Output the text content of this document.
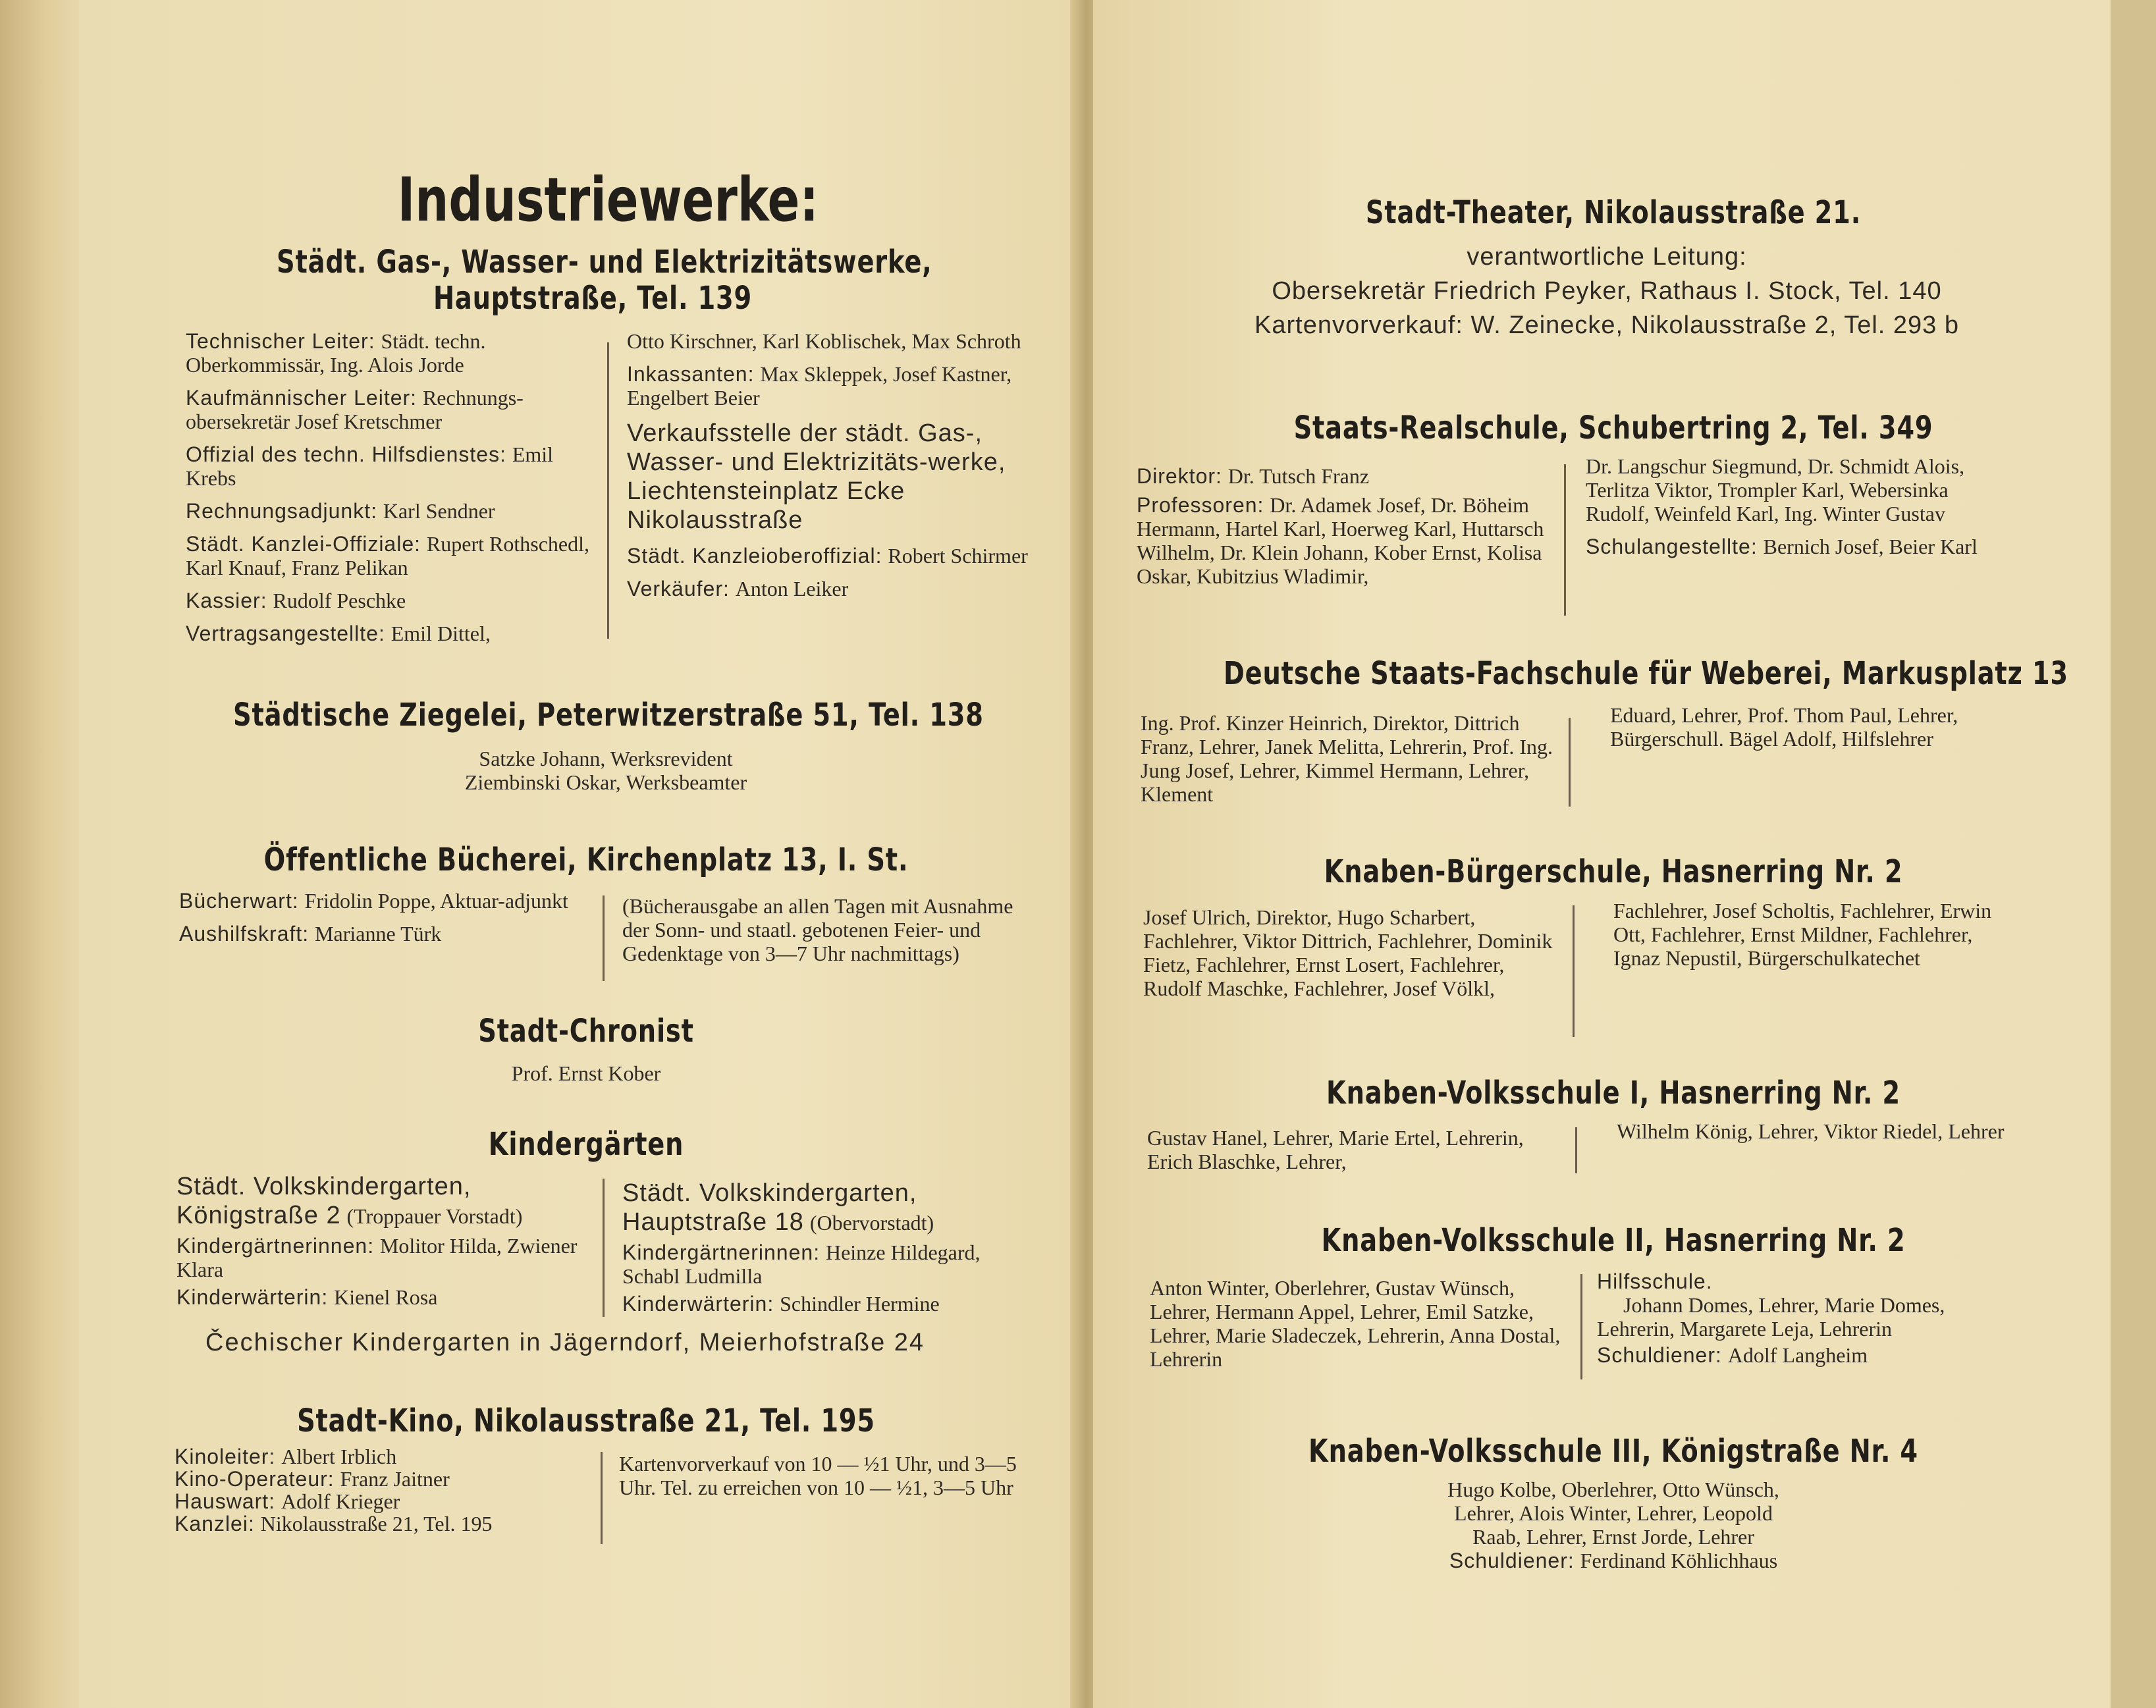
Industriewerke:
Städt. Gas-, Wasser- und Elektrizitätswerke,
Hauptstraße, Tel. 139

Technischer Leiter: Städt. techn. Oberkommissär, Ing. Alois Jorde

Kaufmännischer Leiter: Rechnungs-obersekretär Josef Kretschmer

Offizial des techn. Hilfsdienstes: Emil Krebs

Rechnungsadjunkt: Karl Sendner

Städt. Kanzlei-Offiziale: Rupert Rothschedl, Karl Knauf, Franz Pelikan

Kassier: Rudolf Peschke

Vertragsangestellte: Emil Dittel,

Otto Kirschner, Karl Koblischek, Max Schroth

Inkassanten: Max Skleppek, Josef Kastner, Engelbert Beier

Verkaufsstelle der städt. Gas-, Wasser- und Elektrizitäts-werke, Liechtensteinplatz Ecke Nikolausstraße

Städt. Kanzleioberoffizial: Robert Schirmer

Verkäufer: Anton Leiker

Städtische Ziegelei, Peterwitzerstraße 51, Tel. 138
Satzke Johann, Werksrevident
Ziembinski Oskar, Werksbeamter
Öffentliche Bücherei, Kirchenplatz 13, I. St.

Bücherwart: Fridolin Poppe, Aktuar-adjunkt

Aushilfskraft: Marianne Türk

(Bücherausgabe an allen Tagen mit Ausnahme der Sonn- und staatl. gebotenen Feier- und Gedenktage von 3—7 Uhr nachmittags)
Stadt-Chronist
Prof. Ernst Kober
Kindergärten

Städt. Volkskindergarten, Königstraße 2 (Troppauer Vorstadt)

Kindergärtnerinnen: Molitor Hilda, Zwiener Klara

Kinderwärterin: Kienel Rosa

Städt. Volkskindergarten, Hauptstraße 18 (Obervorstadt)

Kindergärtnerinnen: Heinze Hildegard, Schabl Ludmilla

Kinderwärterin: Schindler Hermine

Čechischer Kindergarten in Jägerndorf, Meierhofstraße 24
Stadt-Kino, Nikolausstraße 21, Tel. 195
Kinoleiter: Albert Irblich
Kino-Operateur: Franz Jaitner
Hauswart: Adolf Krieger
Kanzlei: Nikolausstraße 21, Tel. 195
Kartenvorverkauf von 10 — ½1 Uhr, und 3—5 Uhr. Tel. zu erreichen von 10 — ½1, 3—5 Uhr
Stadt-Theater, Nikolausstraße 21.
verantwortliche Leitung:
Obersekretär Friedrich Peyker, Rathaus I. Stock, Tel. 140
Kartenvorverkauf: W. Zeinecke, Nikolausstraße 2, Tel. 293 b
Staats-Realschule, Schubertring 2, Tel. 349

Direktor: Dr. Tutsch Franz

Professoren: Dr. Adamek Josef, Dr. Böheim Hermann, Hartel Karl, Hoerweg Karl, Huttarsch Wilhelm, Dr. Klein Johann, Kober Ernst, Kolisa Oskar, Kubitzius Wladimir,

Dr. Langschur Siegmund, Dr. Schmidt Alois, Terlitza Viktor, Trompler Karl, Webersinka Rudolf, Weinfeld Karl, Ing. Winter Gustav

Schulangestellte: Bernich Josef, Beier Karl

Deutsche Staats-Fachschule für Weberei, Markusplatz 13
Ing. Prof. Kinzer Heinrich, Direktor, Dittrich Franz, Lehrer, Janek Melitta, Lehrerin, Prof. Ing. Jung Josef, Lehrer, Kimmel Hermann, Lehrer, Klement
Eduard, Lehrer, Prof. Thom Paul, Lehrer, Bürgerschull. Bägel Adolf, Hilfslehrer
Knaben-Bürgerschule, Hasnerring Nr. 2
Josef Ulrich, Direktor, Hugo Scharbert, Fachlehrer, Viktor Dittrich, Fachlehrer, Dominik Fietz, Fachlehrer, Ernst Losert, Fachlehrer, Rudolf Maschke, Fachlehrer, Josef Völkl,
Fachlehrer, Josef Scholtis, Fachlehrer, Erwin Ott, Fachlehrer, Ernst Mildner, Fachlehrer, Ignaz Nepustil, Bürgerschulkatechet
Knaben-Volksschule I, Hasnerring Nr. 2
Gustav Hanel, Lehrer, Marie Ertel, Lehrerin, Erich Blaschke, Lehrer,
Wilhelm König, Lehrer, Viktor Riedel, Lehrer
Knaben-Volksschule II, Hasnerring Nr. 2
Anton Winter, Oberlehrer, Gustav Wünsch, Lehrer, Hermann Appel, Lehrer, Emil Satzke, Lehrer, Marie Sladeczek, Lehrerin, Anna Dostal, Lehrerin

Hilfsschule.
Johann Domes, Lehrer, Marie Domes, Lehrerin, Margarete Leja, Lehrerin

Schuldiener: Adolf Langheim

Knaben-Volksschule III, Königstraße Nr. 4
Hugo Kolbe, Oberlehrer, Otto Wünsch,
Lehrer, Alois Winter, Lehrer, Leopold
Raab, Lehrer, Ernst Jorde, Lehrer
Schuldiener: Ferdinand Köhlichhaus
